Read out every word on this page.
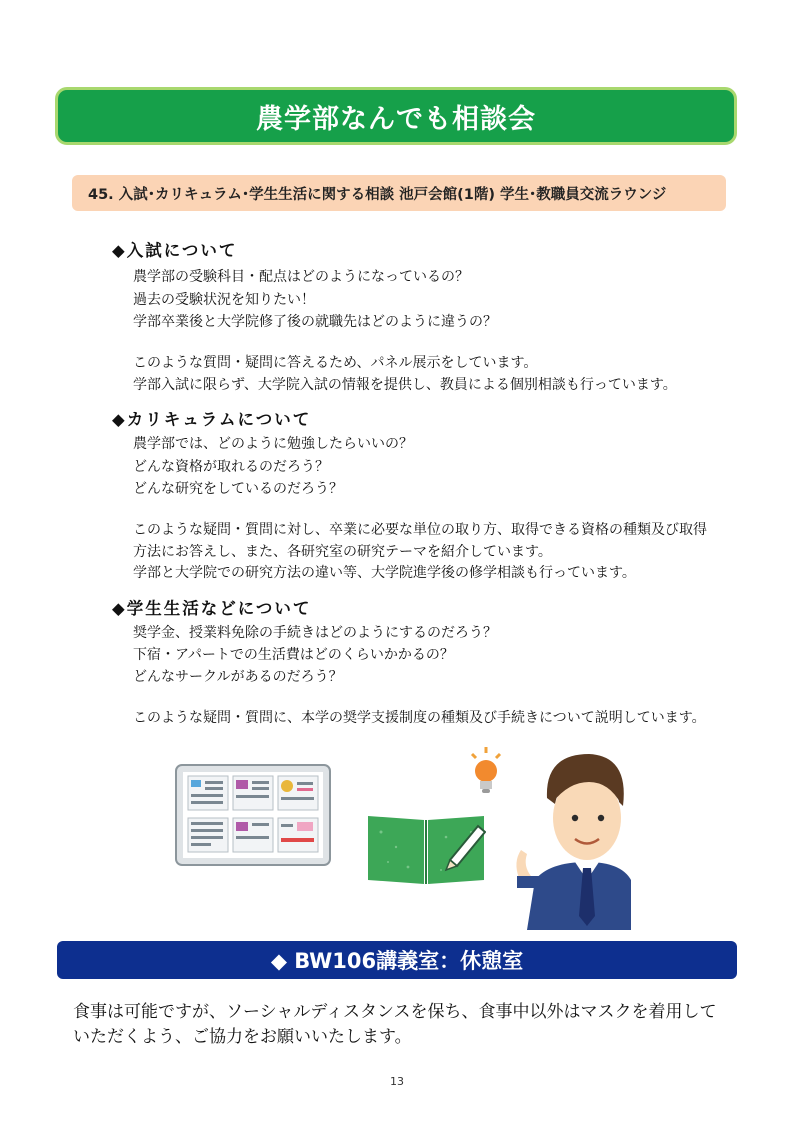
農学部なんでも相談会
45. 入試･カリキュラム･学生生活に関する相談 池戸会館(1階) 学生･教職員交流ラウンジ
◆入試について
農学部の受験科目・配点はどのようになっているの？
過去の受験状況を知りたい！
学部卒業後と大学院修了後の就職先はどのように違うの？
このような質問・疑問に答えるため、パネル展示をしています。
学部入試に限らず、大学院入試の情報を提供し、教員による個別相談も行っています。
◆カリキュラムについて
農学部では、どのように勉強したらいいの？
どんな資格が取れるのだろう？
どんな研究をしているのだろう？
このような疑問・質問に対し、卒業に必要な単位の取り方、取得できる資格の種類及び取得
方法にお答えし、また、各研究室の研究テーマを紹介しています。
学部と大学院での研究方法の違い等、大学院進学後の修学相談も行っています。
◆学生生活などについて
奨学金、授業料免除の手続きはどのようにするのだろう？
下宿・アパートでの生活費はどのくらいかかるの？
どんなサークルがあるのだろう？
このような疑問・質問に、本学の奨学支援制度の種類及び手続きについて説明しています。
◆ BW106講義室：休憩室
食事は可能ですが、ソーシャルディスタンスを保ち、食事中以外はマスクを着用して
いただくよう、ご協力をお願いいたします。
13
